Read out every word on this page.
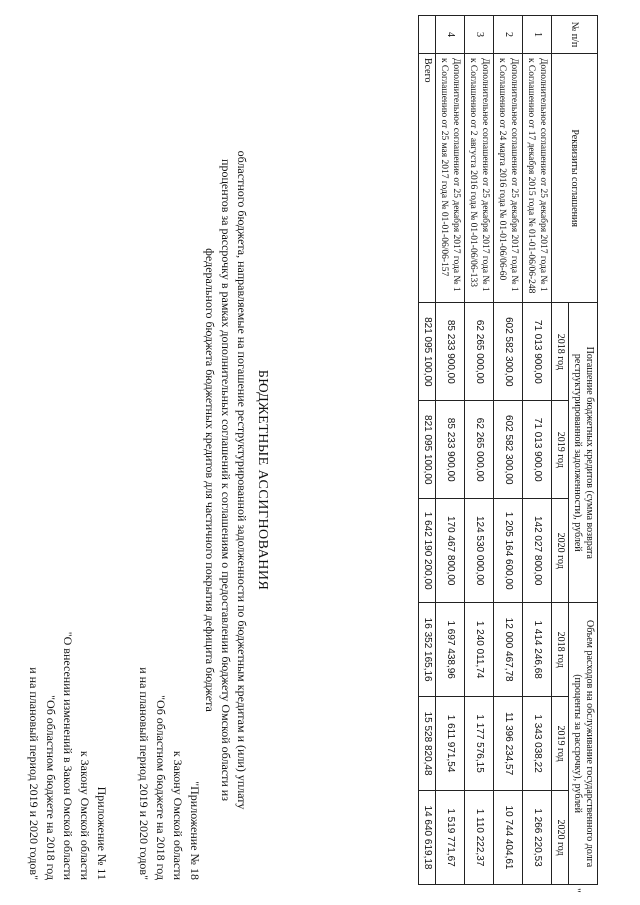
Приложение № 11
к Закону Омской области
"О внесении изменений в Закон Омской области
"Об областном бюджете на 2018 год
и на плановый период 2019 и 2020 годов"	"Приложение № 18
к Закону Омской области
"Об областном бюджете на 2018 год
и на плановый период 2019 и 2020 годов"
БЮДЖЕТНЫЕ АССИГНОВАНИЯ

областного бюджета, направляемые на погашение реструктурированной задолженности по бюджетным кредитам и (или) уплату процентов за рассрочку в рамках дополнительных соглашений к соглашениям о предоставлении бюджету Омской области из федерального бюджета бюджетных кредитов для частичного покрытия дефицита бюджета

№ п/п	Реквизиты соглашения	Погашение бюджетных кредитов (сумма возврата реструктурированной задолженности), рублей			Объем расходов на обслуживание государственного долга (проценты за рассрочку), рублей		
		2018 год	2019 год	2020 год	2018 год	2019 год	2020 год
1	Дополнительное соглашение от 25 декабря 2017 года № 1 к Соглашению от 17 декабря 2015 года № 01-01-06/06-248	71 013 900,00	71 013 900,00	142 027 800,00	1 414 246,68	1 343 038,22	1 266 220,53
2	Дополнительное соглашение от 25 декабря 2017 года № 1 к Соглашению от 24 марта 2016 года № 01-01-06/06-60	602 582 300,00	602 582 300,00	1 205 164 600,00	12 000 467,78	11 396 234,57	10 744 404,61
3	Дополнительное соглашение от 25 декабря 2017 года № 1 к Соглашению от 2 августа 2016 года № 01-01-06/06-133	62 265 000,00	62 265 000,00	124 530 000,00	1 240 011,74	1 177 576,15	1 110 222,37
4	Дополнительное соглашение от 25 декабря 2017 года № 1 к Соглашению от 25 мая 2017 года № 01-01-06/06-157	85 233 900,00	85 233 900,00	170 467 800,00	1 697 438,96	1 611 971,54	1 519 771,67
	Всего	821 095 100,00	821 095 100,00	1 642 190 200,00	16 352 165,16	15 528 820,48	14 640 619,18
"
